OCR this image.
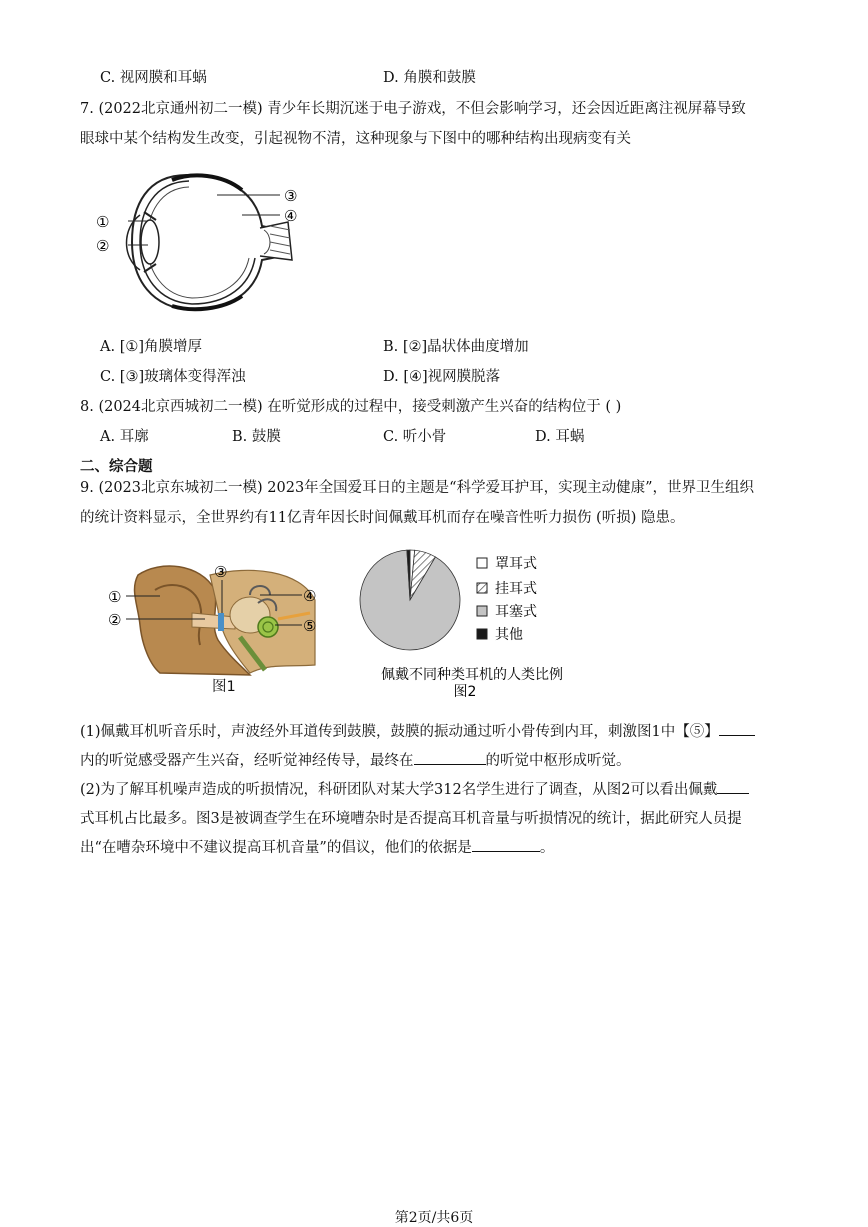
C. 视网膜和耳蜗	D. 角膜和鼓膜
7. (2022北京通州初二一模) 青少年长期沉迷于电子游戏，不但会影响学习，还会因近距离注视屏幕导致
眼球中某个结构发生改变，引起视物不清，这种现象与下图中的哪种结构出现病变有关
①
②
③
④
A. [①]角膜增厚	B. [②]晶状体曲度增加
C. [③]玻璃体变得浑浊	D. [④]视网膜脱落
8. (2024北京西城初二一模) 在听觉形成的过程中，接受刺激产生兴奋的结构位于 ( )
A. 耳廓	B. 鼓膜	C. 听小骨	D. 耳蜗
二、综合题
9. (2023北京东城初二一模) 2023年全国爱耳日的主题是“科学爱耳护耳，实现主动健康”，世界卫生组织
的统计资料显示，全世界约有11亿青年因长时间佩戴耳机而存在噪音性听力损伤 (听损) 隐患。
①
②
③
④
⑤
图1
罩耳式
挂耳式
耳塞式
其他
佩戴不同种类耳机的人类比例
图2
(1)佩戴耳机听音乐时，声波经外耳道传到鼓膜，鼓膜的振动通过听小骨传到内耳，刺激图1中【⑤】
内的听觉感受器产生兴奋，经听觉神经传导，最终在	的听觉中枢形成听觉。
(2)为了解耳机噪声造成的听损情况，科研团队对某大学312名学生进行了调查，从图2可以看出佩戴
式耳机占比最多。图3是被调查学生在环境嘈杂时是否提高耳机音量与听损情况的统计，据此研究人员提
出“在嘈杂环境中不建议提高耳机音量”的倡议，他们的依据是	。
第2页/共6页
